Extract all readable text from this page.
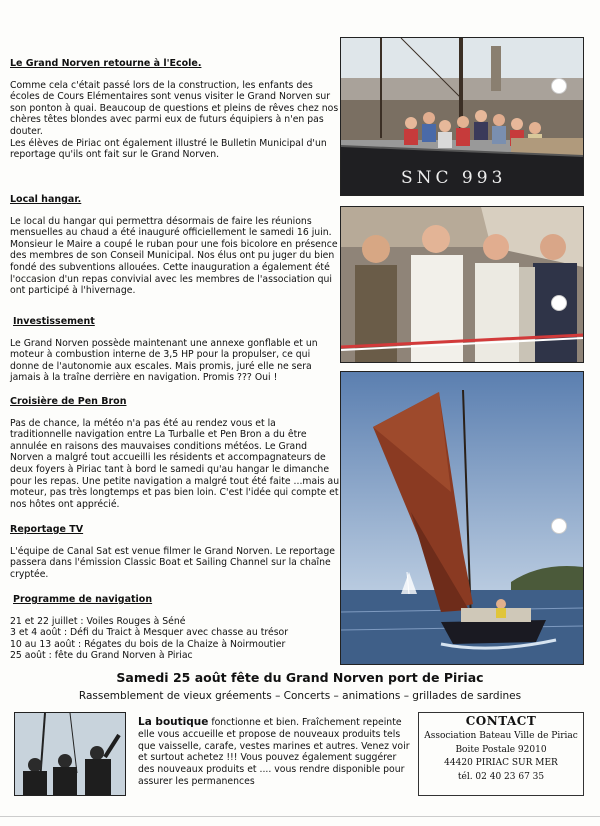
Le Grand Norven retourne à l'Ecole.

Comme cela c'était passé lors de la construction, les enfants des écoles de Cours Elémentaires sont venus visiter le Grand Norven sur son ponton à quai. Beaucoup de questions et pleins de rêves chez nos chères têtes blondes avec parmi eux de futurs équipiers à n'en pas douter.

Les élèves de Piriac ont également illustré le Bulletin Municipal d'un reportage qu'ils ont fait sur le Grand Norven.

Local hangar.

Le local du hangar qui permettra désormais de faire les réunions mensuelles au chaud a été inauguré officiellement le samedi 16 juin. Monsieur le Maire a coupé le ruban pour une fois bicolore en présence des membres de son Conseil Municipal. Nos élus ont pu juger du bien fondé des subventions allouées. Cette inauguration a également été l'occasion d'un repas convivial avec les membres de l'association qui ont participé à l'hivernage.

Investissement

Le Grand Norven possède maintenant une annexe gonflable et un moteur à combustion interne de 3,5 HP pour la propulser, ce qui donne de l'autonomie aux escales. Mais promis, juré elle ne sera jamais à la traîne derrière en navigation. Promis ??? Oui !

Croisière de Pen Bron

Pas de chance, la météo n'a pas été au rendez vous et la traditionnelle navigation entre La Turballe et Pen Bron a du être annulée en raisons des mauvaises conditions météos. Le Grand Norven a malgré tout accueilli les résidents et accompagnateurs de deux foyers à Piriac tant à bord le samedi qu'au hangar le dimanche pour les repas. Une petite navigation a malgré tout été faite ...mais au moteur, pas très longtemps et pas bien loin. C'est l'idée qui compte et nos hôtes ont apprécié.

Reportage TV

L'équipe de Canal Sat est venue filmer le Grand Norven. Le reportage passera dans l'émission Classic Boat et Sailing Channel sur la chaîne cryptée.

Programme de navigation

21 et 22 juillet : Voiles Rouges à Séné

3 et 4 août : Défi du Traict à Mesquer avec chasse au trésor

10 au 13 août : Régates du bois de la Chaize à Noirmoutier

25 août : fête du Grand Norven à Piriac

SNC 993
Samedi 25 août fête du Grand Norven port de Piriac
Rassemblement de vieux gréements – Concerts – animations – grillades de sardines
La boutique fonctionne et bien. Fraîchement repeinte elle vous accueille et propose de nouveaux produits tels que vaisselle, carafe, vestes marines et autres. Venez voir et surtout achetez !!! Vous pouvez également suggérer des nouveaux produits et .... vous rendre disponible pour assurer les permanences
CONTACT
Association Bateau Ville de Piriac
Boite Postale 92010
44420 PIRIAC SUR MER
tél. 02 40 23 67 35
